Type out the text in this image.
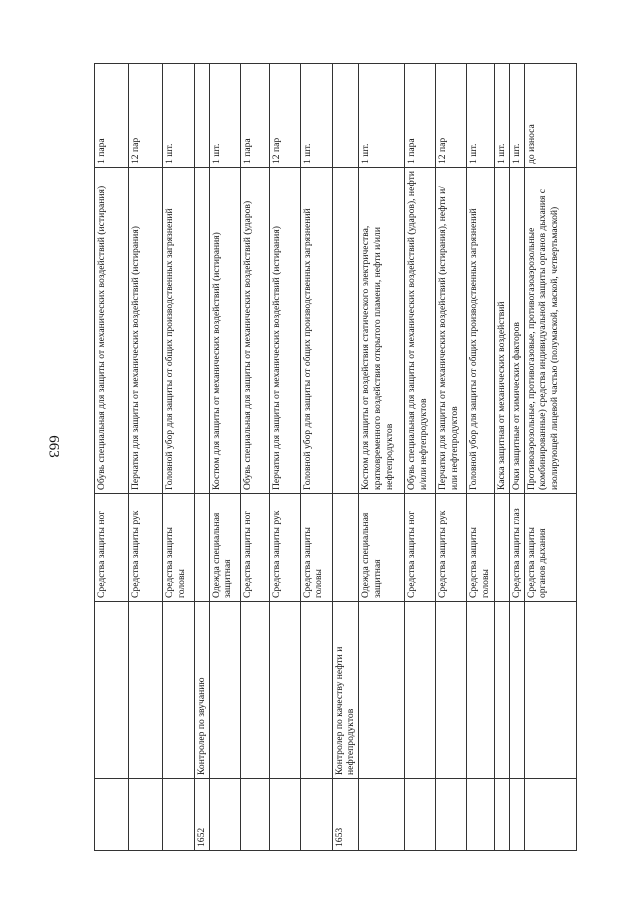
663
		Средства защиты ног	Обувь специальная для защиты от механических воздействий (истирания)	1 пара
		Средства защиты рук	Перчатки для защиты от механических воздействий (истирания)	12 пар
		Средства защиты головы	Головной убор для защиты от общих производственных загрязнений	1 шт.
1652	Контролер по звучанию			
		Одежда специальная защитная	Костюм для защиты от механических воздействий (истирания)	1 шт.
		Средства защиты ног	Обувь специальная для защиты от механических воздействий (ударов)	1 пара
		Средства защиты рук	Перчатки для защиты от механических воздействий (истирания)	12 пар
		Средства защиты головы	Головной убор для защиты от общих производственных загрязнений	1 шт.
1653	Контролер по качеству нефти и нефтепродуктов			
		Одежда специальная защитная	Костюм для защиты от воздействия статического электричества, кратковременного воздействия открытого пламени, нефти и/или нефтепродуктов	1 шт.
		Средства защиты ног	Обувь специальная для защиты от механических воздействий (ударов), нефти и/или нефтепродуктов	1 пара
		Средства защиты рук	Перчатки для защиты от механических воздействий (истирания), нефти и/или нефтепродуктов	12 пар
		Средства защиты головы	Головной убор для защиты от общих производственных загрязнений	1 шт.
			Каска защитная от механических воздействий	1 шт.
		Средства защиты глаз	Очки защитные от химических факторов	1 шт.
		Средства защиты органов дыхания	Противоаэрозольные, противогазовые, противогазоаэрозольные (комбинированные) средства индивидуальной защиты органов дыхания с изолирующей лицевой частью (полумаской, маской, четвертьмаской)	до износа
